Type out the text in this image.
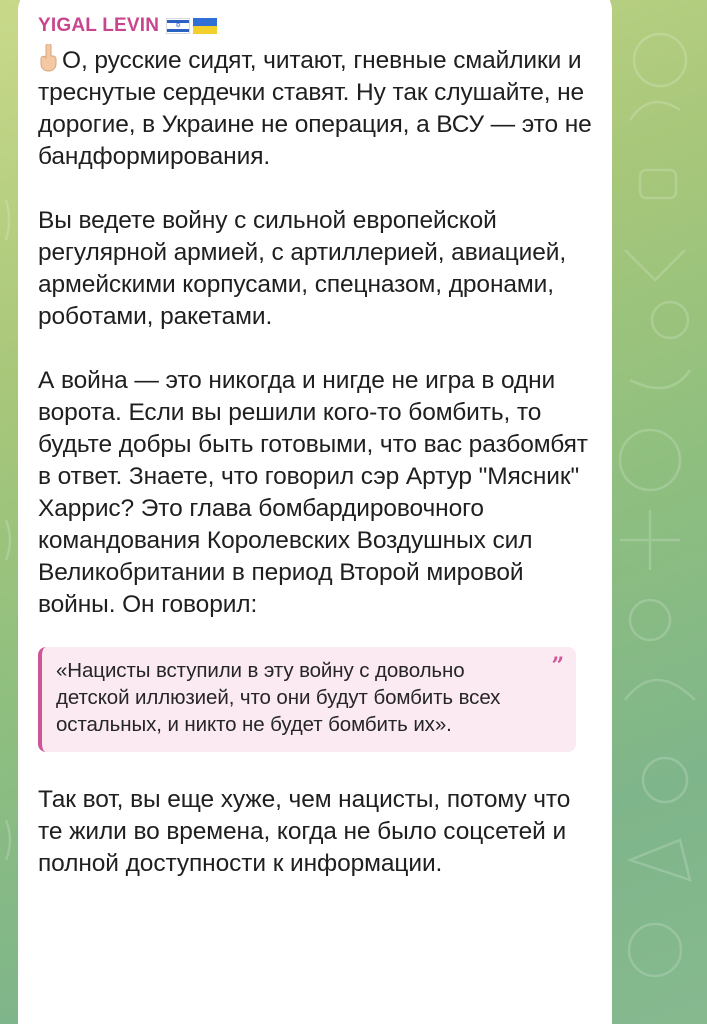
YIGAL LEVIN ✡

О, русские сидят, читают, гневные смайлики и треснутые сердечки ставят. Ну так слушайте, не дорогие, в Украине не операция, а ВСУ — это не бандформирования.

Вы ведете войну с сильной европейской регулярной армией, с артиллерией, авиацией, армейскими корпусами, спецназом, дронами, роботами, ракетами.

А война — это никогда и нигде не игра в одни ворота. Если вы решили кого-то бомбить, то будьте добры быть готовыми, что вас разбомбят в ответ. Знаете, что говорил сэр Артур "Мясник" Харрис? Это глава бомбардировочного командования Королевских Воздушных сил Великобритании в период Второй мировой войны. Он говорил:

”
«Нацисты вступили в эту войну с довольно детской иллюзией, что они будут бомбить всех остальных, и никто не будет бомбить их».

Так вот, вы еще хуже, чем нацисты, потому что те жили во времена, когда не было соцсетей и полной доступности к информации.
